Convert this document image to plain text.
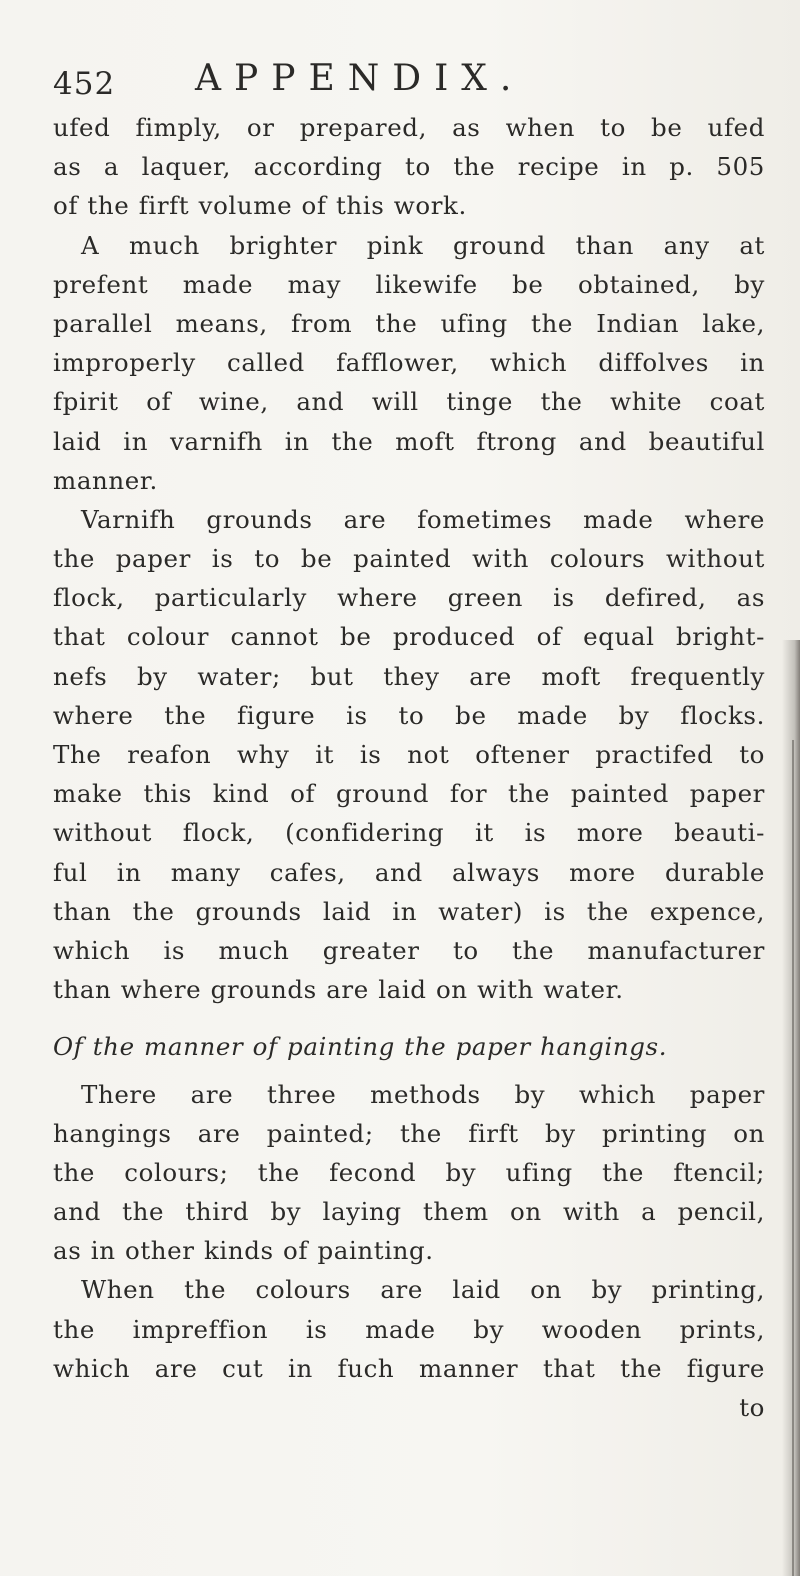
452 APPENDIX.
ufed fimply, or prepared, as when to be ufed
as a laquer, according to the recipe in p. 505
of the firft volume of this work.
A much brighter pink ground than any at
prefent made may likewife be obtained, by
parallel means, from the ufing the Indian lake,
improperly called fafflower, which diffolves in
fpirit of wine, and will tinge the white coat
laid in varnifh in the moft ftrong and beautiful
manner.
Varnifh grounds are fometimes made where
the paper is to be painted with colours without
flock, particularly where green is defired, as
that colour cannot be produced of equal bright-
nefs by water; but they are moft frequently
where the figure is to be made by flocks.
The reafon why it is not oftener practifed to
make this kind of ground for the painted paper
without flock, (confidering it is more beauti-
ful in many cafes, and always more durable
than the grounds laid in water) is the expence,
which is much greater to the manufacturer
than where grounds are laid on with water.
Of the manner of painting the paper hangings.
There are three methods by which paper
hangings are painted; the firft by printing on
the colours; the fecond by ufing the ftencil;
and the third by laying them on with a pencil,
as in other kinds of painting.
When the colours are laid on by printing,
the impreffion is made by wooden prints,
which are cut in fuch manner that the figure
to
